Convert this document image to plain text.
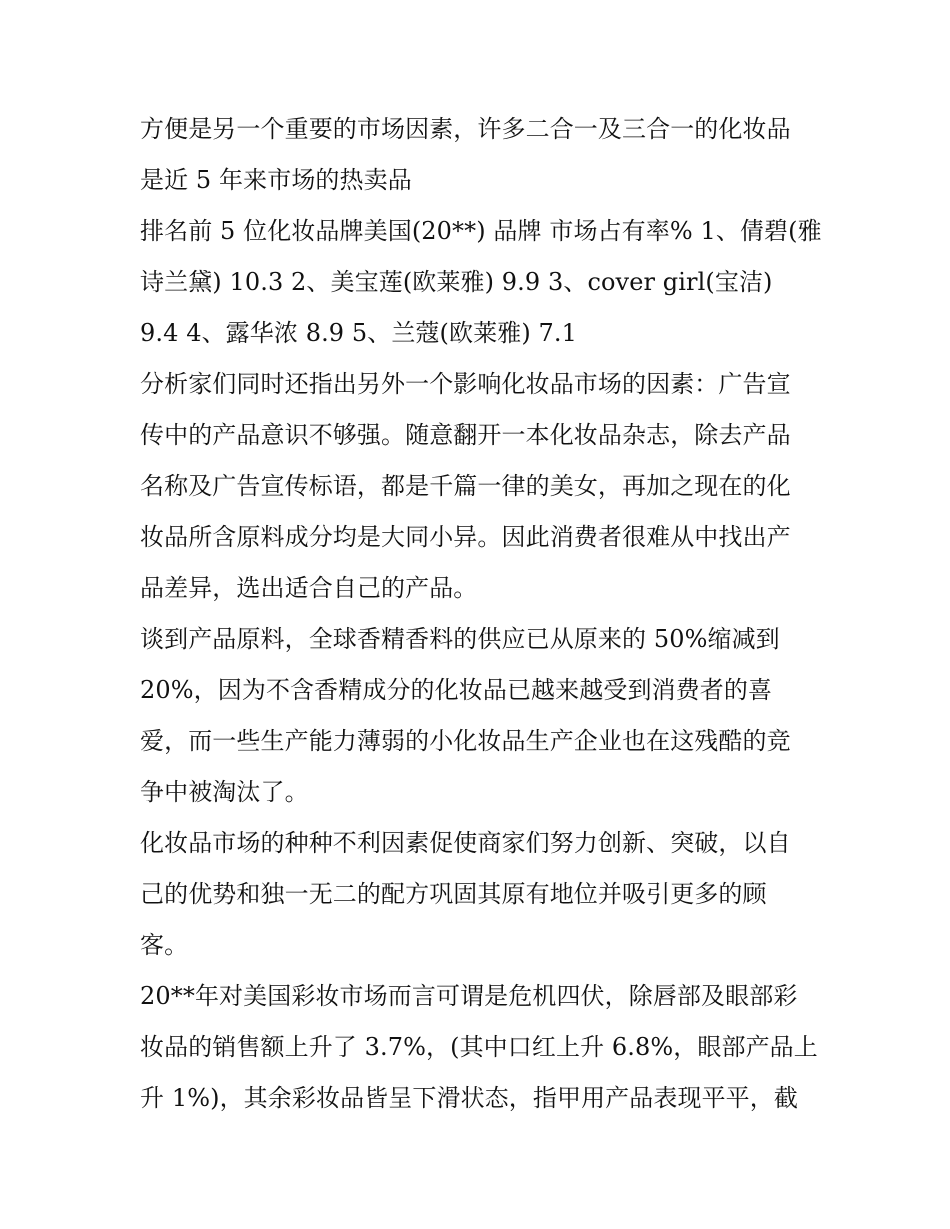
方便是另一个重要的市场因素，许多二合一及三合一的化妆品
是近 5 年来市场的热卖品
排名前 5 位化妆品牌美国(20**) 品牌 市场占有率% 1、倩碧(雅
诗兰黛) 10.3 2、美宝莲(欧莱雅) 9.9 3、cover girl(宝洁)
9.4 4、露华浓 8.9 5、兰蔻(欧莱雅) 7.1
分析家们同时还指出另外一个影响化妆品市场的因素：广告宣
传中的产品意识不够强。随意翻开一本化妆品杂志，除去产品
名称及广告宣传标语，都是千篇一律的美女，再加之现在的化
妆品所含原料成分均是大同小异。因此消费者很难从中找出产
品差异，选出适合自己的产品。
谈到产品原料，全球香精香料的供应已从原来的 50%缩减到
20%，因为不含香精成分的化妆品已越来越受到消费者的喜
爱，而一些生产能力薄弱的小化妆品生产企业也在这残酷的竞
争中被淘汰了。
化妆品市场的种种不利因素促使商家们努力创新、突破，以自
己的优势和独一无二的配方巩固其原有地位并吸引更多的顾
客。
20**年对美国彩妆市场而言可谓是危机四伏，除唇部及眼部彩
妆品的销售额上升了 3.7%，(其中口红上升 6.8%，眼部产品上
升 1%)，其余彩妆品皆呈下滑状态，指甲用产品表现平平，截
